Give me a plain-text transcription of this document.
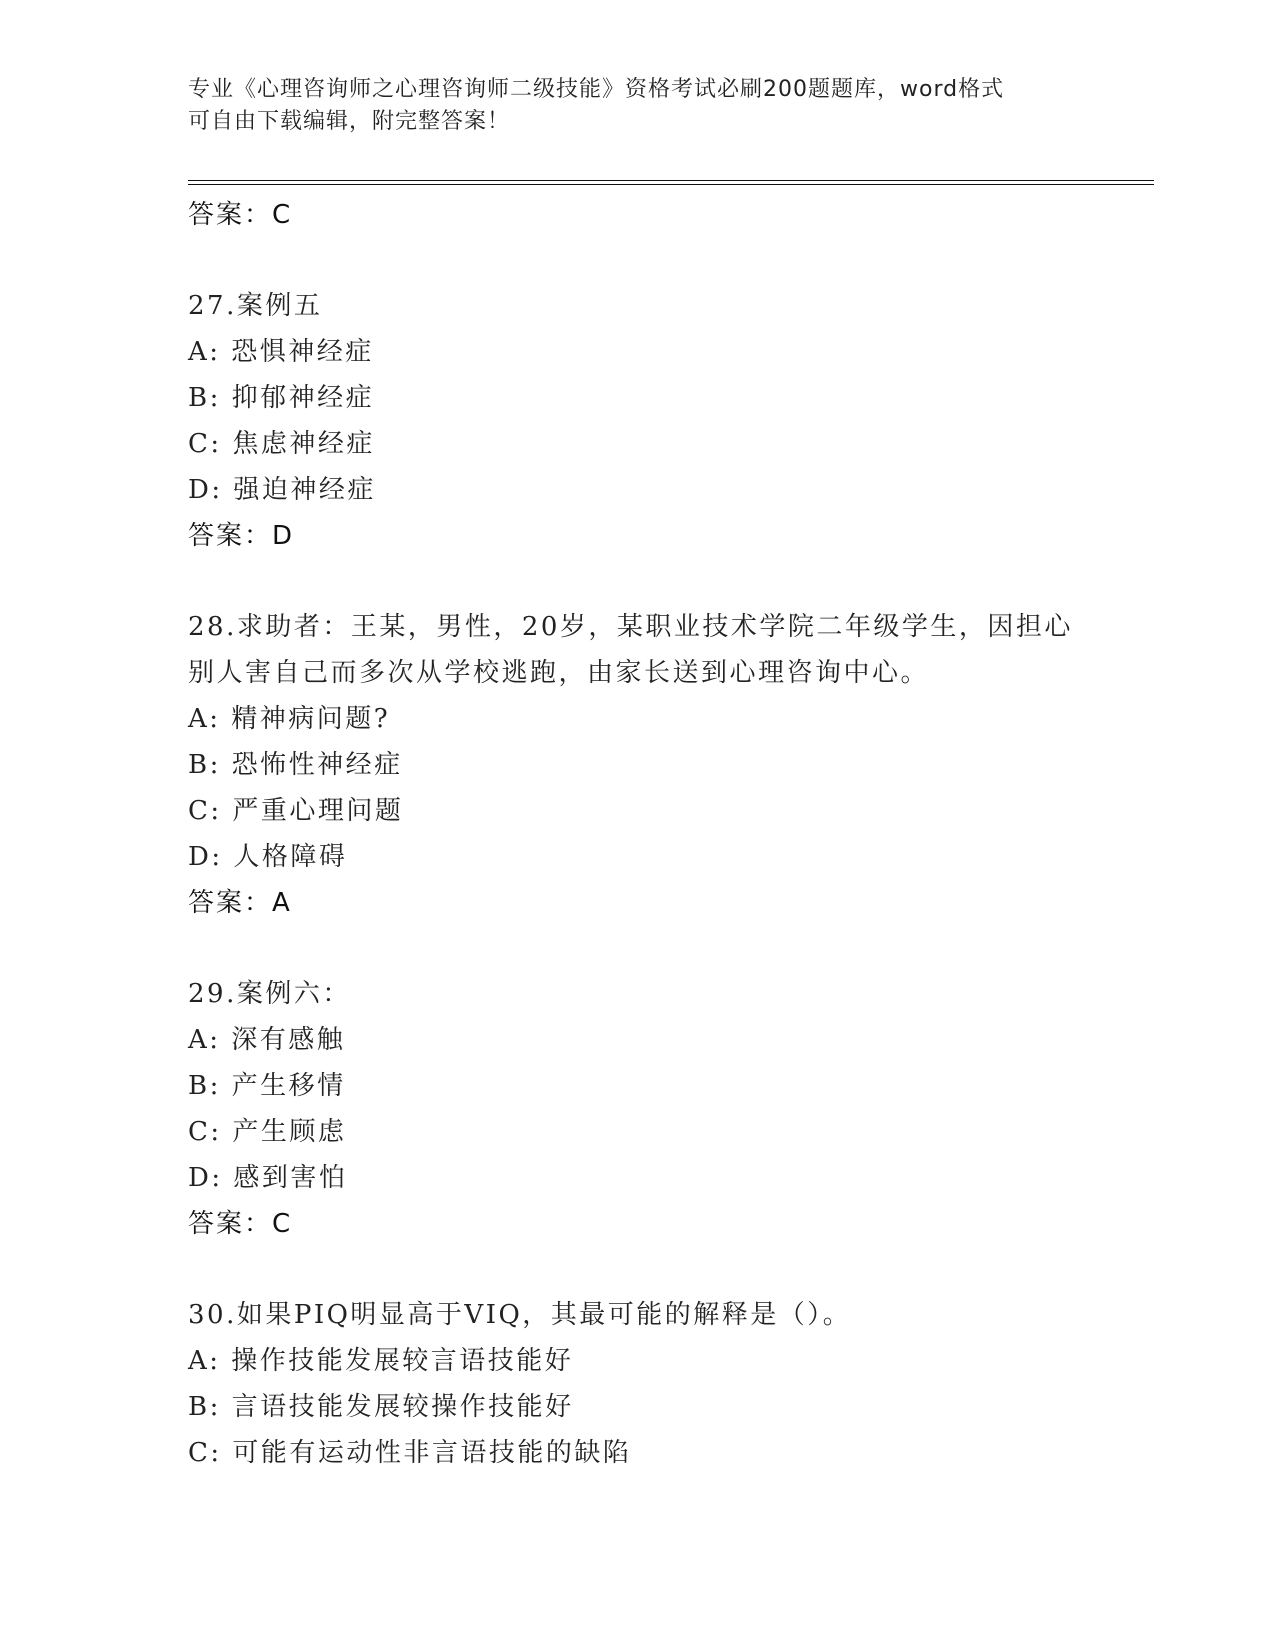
专业《心理咨询师之心理咨询师二级技能》资格考试必刷200题题库，word格式
可自由下载编辑，附完整答案！
答案：C
27.案例五
A: 恐惧神经症
B: 抑郁神经症
C: 焦虑神经症
D: 强迫神经症
答案：D
28.求助者：王某，男性，20岁，某职业技术学院二年级学生，因担心
别人害自己而多次从学校逃跑，由家长送到心理咨询中心。
A: 精神病问题?
B: 恐怖性神经症
C: 严重心理问题
D: 人格障碍
答案：A
29.案例六：
A: 深有感触
B: 产生移情
C: 产生顾虑
D: 感到害怕
答案：C
30.如果PIQ明显高于VIQ，其最可能的解释是（）。
A: 操作技能发展较言语技能好
B: 言语技能发展较操作技能好
C: 可能有运动性非言语技能的缺陷
